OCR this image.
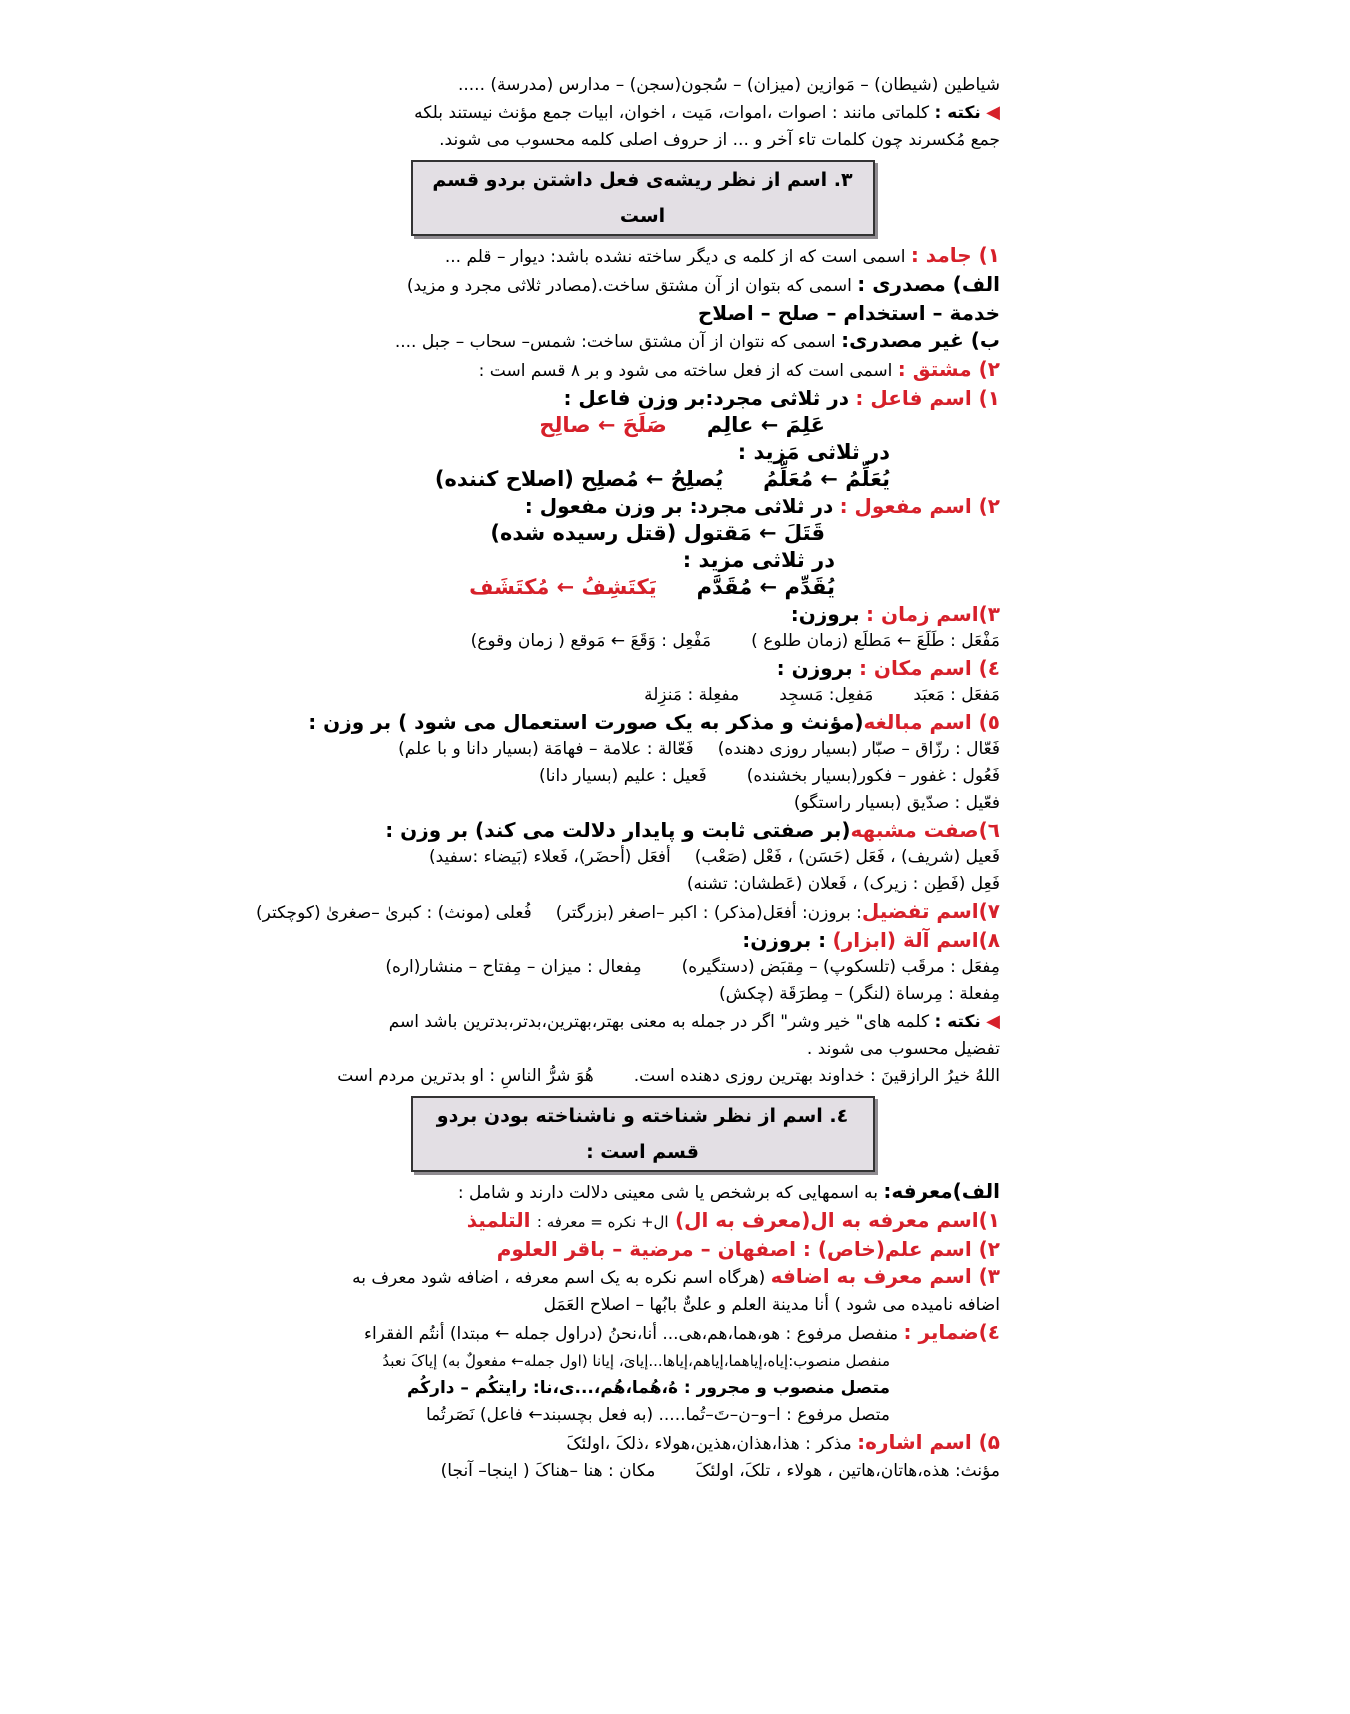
شیاطین (شیطان) – مَوازین (میزان) – سُجون(سجن) – مدارس (مدرسة) .....
◀ نکته : کلماتی مانند : اصوات ،اموات، مَیت ، اخوان، ابیات جمع مؤنث نیستند بلکه
جمع مُکسرند چون کلمات تاء آخر و ... از حروف اصلی کلمه محسوب می شوند.
۳. اسم از نظر ریشه‌ی فعل داشتن بردو قسم است
۱) جامد : اسمی است که از کلمه ی دیگر ساخته نشده باشد: دیوار – قلم ...
الف) مصدری : اسمی که بتوان از آن مشتق ساخت.(مصادر ثلاثی مجرد و مزید)
خدمة – استخدام – صلح – اصلاح
ب) غیر مصدری: اسمی که نتوان از آن مشتق ساخت: شمس– سحاب – جبل ....
۲) مشتق : اسمی است که از فعل ساخته می شود و بر ۸ قسم است :
۱) اسم فاعل : در ثلاثی مجرد:بر وزن فاعل :
عَلِمَ ← عالِمصَلَحَ ← صالِح
در ثلاثی مَزید :
یُعَلِّمُ ← مُعَلِّمُیُصلِحُ ← مُصلِح (اصلاح کننده)
۲) اسم مفعول : در ثلاثی مجرد: بر وزن مفعول :
قَتَلَ ← مَقتول (قتل رسیده شده)
در ثلاثی مزید :
یُقَدِّم ← مُقَدَّمیَکتَشِفُ ← مُکتَشَف
۳)اسم زمان : بروزن:
مَفْعَل : طَلَعَ ← مَطلَع (زمان طلوع )مَفْعِل : وَقَعَ ← مَوقع ( زمان وقوع)
٤) اسم مکان : بروزن :
مَفعَل : مَعبَدمَفعِل: مَسجِدمفعِلة : مَنزِلة
٥) اسم مبالغه(مؤنث و مذکر به یک صورت استعمال می شود ) بر وزن :
فَعّال : رزّاق – صبّار (بسیار روزی دهنده)فَعّالة : علامة – فهامَة (بسیار دانا و با علم)
فَعُول : غفور – فکور(بسیار بخشنده)فَعیل : علیم (بسیار دانا)
فعّیل : صدّیق (بسیار راستگو)
٦)صفت مشبهه(بر صفتی ثابت و پایدار دلالت می کند) بر وزن :
فَعیل (شریف) ، فَعَل (حَسَن) ، فَعْل (صَعْب)أفعَل (أحضَر)، فَعلاء (بَیضاء :سفید)
فَعِل (فَطِن : زیرک) ، فَعلان (عَطشان: تشنه)
۷)اسم تفضیل: بروزن: أفعَل(مذکر) : اکبر –اصغر (بزرگتر)فُعلی (مونث) : کبریٰ –صغریٰ (کوچکتر)
۸)اسم آلة (ابزار) : بروزن:
مِفعَل : مرقَب (تلسکوپ) – مِقبَض (دستگیره)مِفعال : میزان – مِفتاح – منشار(اره)
مِفعلة : مِرساة (لنگر) – مِطرَقَة (چکش)
◀ نکته : کلمه های" خیر وشر" اگر در جمله به معنی بهتر،بهترین،بدتر،بدترین باشد اسم
تفضیل محسوب می شوند .
اللهُ خیرُ الرازقینَ : خداوند بهترین روزی دهنده است.هُوَ شرُّ الناسِ : او بدترین مردم است
٤. اسم از نظر شناخته و ناشناخته بودن بردو قسم است :
الف)معرفه: به اسمهایی که برشخص یا شی معینی دلالت دارند و شامل :
۱)اسم معرفه به ال(معرف به ال) ال+ نکره = معرفه : التلمیذ
۲) اسم علم(خاص) : اصفهان – مرضیة – باقر العلوم
۳) اسم معرف به اضافه (هرگاه اسم نکره به یک اسم معرفه ، اضافه شود معرف به
اضافه نامیده می شود ) أنا مدینة العلم و علیٌّ بابُها – اصلاح العَمَل
٤)ضمایر : منفصل مرفوع : هو،هما،هم،هی... أنا،نحنُ (دراول جمله ← مبتدا) أنتُم الفقراء
منفصل منصوب:إیاه،إیاهما،إیاهم،إیاها...إیایَ، إیانا (اول جمله← مفعولٌ به) إیاکَ نعبدُ
متصل منصوب و مجرور : هُ،هُما،هُم،...ی،نا: رایتکُم – دارکُم
متصل مرفوع : ا–و–ن–تَ–تُما..... (به فعل بچسبند← فاعل) نَصَرتُما
۵) اسم اشاره: مذکر : هذا،هذان،هذین،هولاء ،ذلکَ ،اولئکَ
مؤنث: هذه،هاتان،هاتین ، هولاء ، تلکَ، اولئکَمکان : هنا –هناکَ ( اینجا– آنجا)
